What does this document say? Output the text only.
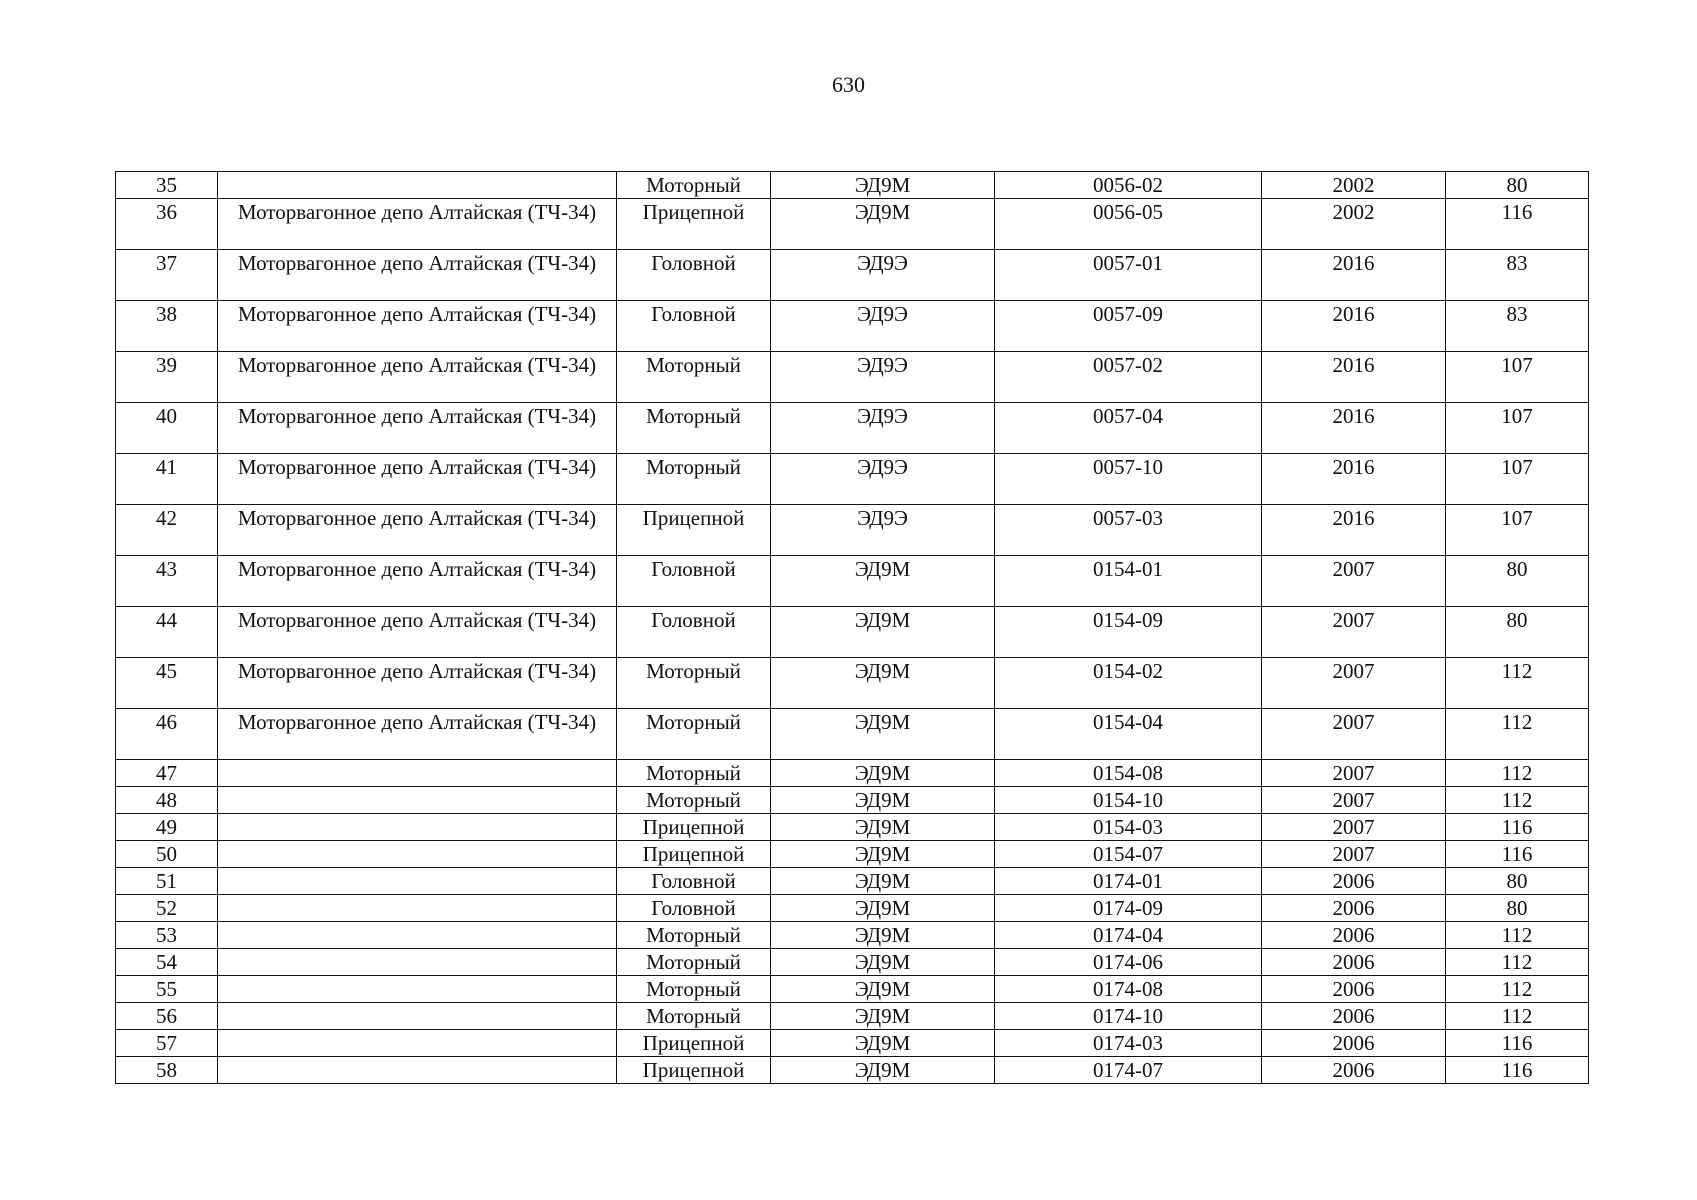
630
35		Моторный	ЭД9М	0056-02	2002	80
36	Моторвагонное депо Алтайская (ТЧ-34)	Прицепной	ЭД9М	0056-05	2002	116
37	Моторвагонное депо Алтайская (ТЧ-34)	Головной	ЭД9Э	0057-01	2016	83
38	Моторвагонное депо Алтайская (ТЧ-34)	Головной	ЭД9Э	0057-09	2016	83
39	Моторвагонное депо Алтайская (ТЧ-34)	Моторный	ЭД9Э	0057-02	2016	107
40	Моторвагонное депо Алтайская (ТЧ-34)	Моторный	ЭД9Э	0057-04	2016	107
41	Моторвагонное депо Алтайская (ТЧ-34)	Моторный	ЭД9Э	0057-10	2016	107
42	Моторвагонное депо Алтайская (ТЧ-34)	Прицепной	ЭД9Э	0057-03	2016	107
43	Моторвагонное депо Алтайская (ТЧ-34)	Головной	ЭД9М	0154-01	2007	80
44	Моторвагонное депо Алтайская (ТЧ-34)	Головной	ЭД9М	0154-09	2007	80
45	Моторвагонное депо Алтайская (ТЧ-34)	Моторный	ЭД9М	0154-02	2007	112
46	Моторвагонное депо Алтайская (ТЧ-34)	Моторный	ЭД9М	0154-04	2007	112
47		Моторный	ЭД9М	0154-08	2007	112
48		Моторный	ЭД9М	0154-10	2007	112
49		Прицепной	ЭД9М	0154-03	2007	116
50		Прицепной	ЭД9М	0154-07	2007	116
51		Головной	ЭД9М	0174-01	2006	80
52		Головной	ЭД9М	0174-09	2006	80
53		Моторный	ЭД9М	0174-04	2006	112
54		Моторный	ЭД9М	0174-06	2006	112
55		Моторный	ЭД9М	0174-08	2006	112
56		Моторный	ЭД9М	0174-10	2006	112
57		Прицепной	ЭД9М	0174-03	2006	116
58		Прицепной	ЭД9М	0174-07	2006	116
